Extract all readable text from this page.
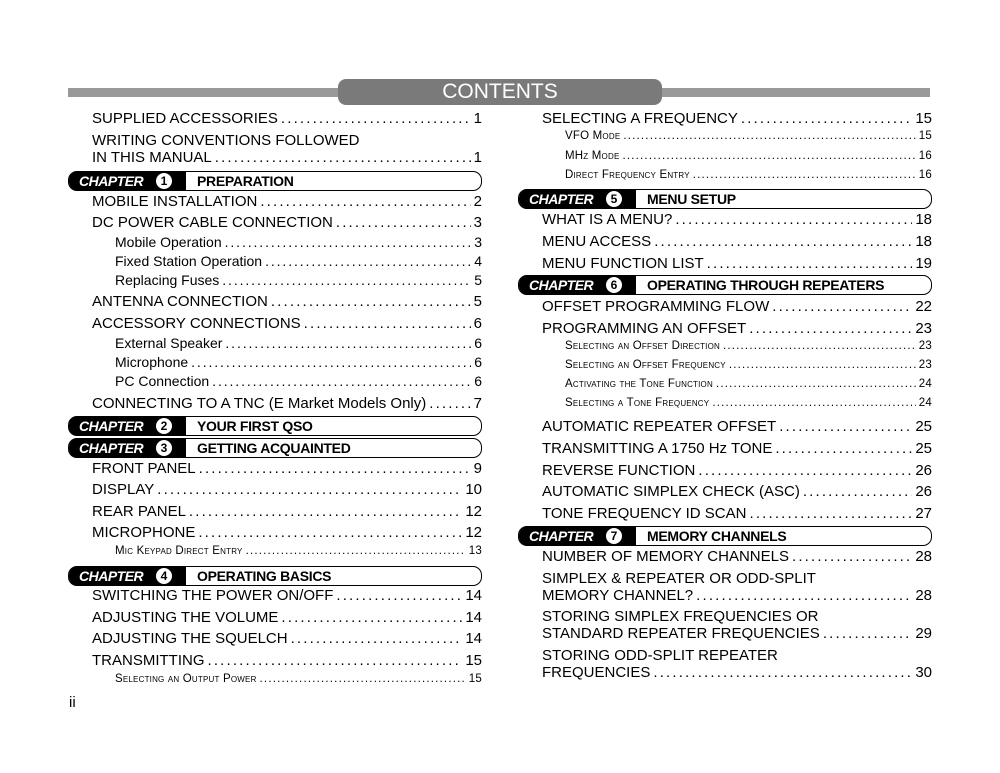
CONTENTS
SUPPLIED ACCESSORIES . . .	1
WRITING CONVENTIONS FOLLOWED
IN THIS MANUAL . . .	1
CHAPTER	1	PREPARATION
MOBILE INSTALLATION . . .	2
DC POWER CABLE CONNECTION . . .	3
Mobile Operation . . .	3
Fixed Station Operation . . .	4
Replacing Fuses . . .	5
ANTENNA CONNECTION . . .	5
ACCESSORY CONNECTIONS . . .	6
External Speaker . . .	6
Microphone . . .	6
PC Connection . . .	6
CONNECTING TO A TNC (E Market Models Only) . . .	7
CHAPTER	2	YOUR FIRST QSO
CHAPTER	3	GETTING ACQUAINTED
FRONT PANEL . . .	9
DISPLAY . . .	10
REAR PANEL . . .	12
MICROPHONE . . .	12
Mic Keypad Direct Entry . . .	13
CHAPTER	4	OPERATING BASICS
SWITCHING THE POWER ON/OFF . . .	14
ADJUSTING THE VOLUME . . .	14
ADJUSTING THE SQUELCH . . .	14
TRANSMITTING . . .	15
Selecting an Output Power . . .	15
SELECTING A FREQUENCY . . .	15
VFO Mode . . .	15
MHz Mode . . .	16
Direct Frequency Entry . . .	16
CHAPTER	5	MENU SETUP
WHAT IS A MENU? . . .	18
MENU ACCESS . . .	18
MENU FUNCTION LIST . . .	19
CHAPTER	6	OPERATING THROUGH REPEATERS
OFFSET PROGRAMMING FLOW . . .	22
PROGRAMMING AN OFFSET . . .	23
Selecting an Offset Direction . . .	23
Selecting an Offset Frequency . . .	23
Activating the Tone Function . . .	24
Selecting a Tone Frequency . . .	24
AUTOMATIC REPEATER OFFSET . . .	25
TRANSMITTING A 1750 Hz TONE . . .	25
REVERSE FUNCTION . . .	26
AUTOMATIC SIMPLEX CHECK (ASC) . . .	26
TONE FREQUENCY ID SCAN . . .	27
CHAPTER	7	MEMORY CHANNELS
NUMBER OF MEMORY CHANNELS . . .	28
SIMPLEX & REPEATER OR ODD-SPLIT
MEMORY CHANNEL? . . .	28
STORING SIMPLEX FREQUENCIES OR
STANDARD REPEATER FREQUENCIES . . .	29
STORING ODD-SPLIT REPEATER
FREQUENCIES . . .	30
ii
